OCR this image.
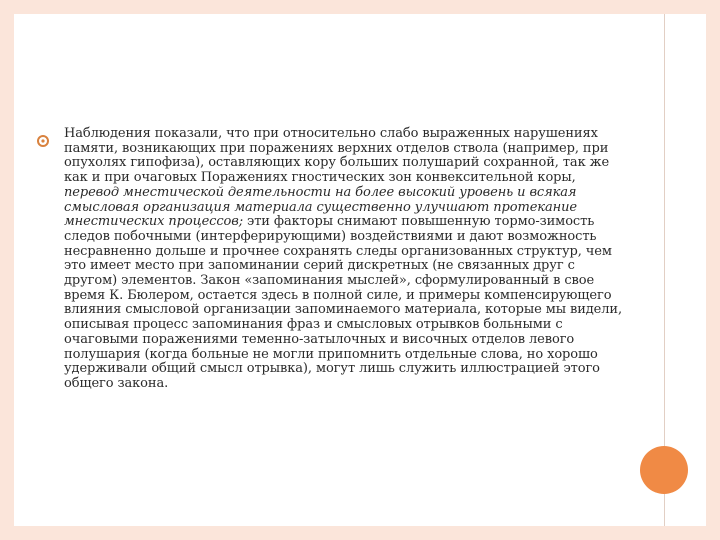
Наблюдения показали, что при относительно слабо выраженных нарушениях памяти, возникающих при поражениях верхних отделов ствола (например, при опухолях гипофиза), оставляющих кору больших полушарий сохранной, так же как и при очаговых Поражениях гностических зон конвексительной коры, перевод мнестической деятельности на более высокий уровень и всякая смысловая организация материала существенно улучшают протекание мнестических процессов; эти факторы снимают повышенную тормо-зимость следов побочными (интерферирующими) воздействиями и дают возможность несравненно дольше и прочнее сохранять следы организованных структур, чем это имеет место при запоминании серий дискретных (не связанных друг с другом) элементов. Закон «запоминания мыслей», сформулированный в свое время К. Бюлером, остается здесь в полной силе, и примеры компенсирующего влияния смысловой организации запоминаемого материала, которые мы видели, описывая процесс запоминания фраз и смысловых отрывков больными с очаговыми поражениями теменно-затылочных и височных отделов левого полушария (когда больные не могли припомнить отдельные слова, но хорошо удерживали общий смысл отрывка), могут лишь служить иллюстрацией этого общего закона.
